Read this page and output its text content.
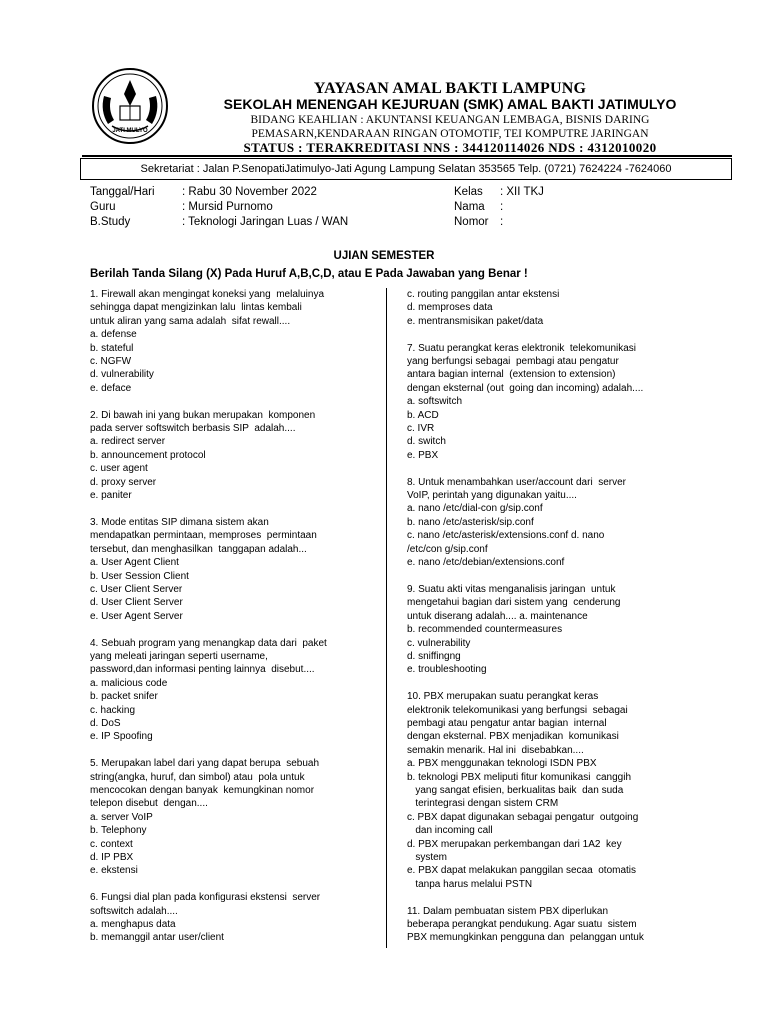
JATI MULYO
YAYASAN AMAL BAKTI LAMPUNG
SEKOLAH MENENGAH KEJURUAN (SMK) AMAL BAKTI JATIMULYO
BIDANG KEAHLIAN : AKUNTANSI KEUANGAN LEMBAGA, BISNIS DARING
PEMASARN,KENDARAAN RINGAN OTOMOTIF, TEI KOMPUTRE JARINGAN
STATUS : TERAKREDITASI NNS : 344120114026 NDS : 4312010020
Sekretariat : Jalan P.SenopatiJatimulyo-Jati Agung Lampung Selatan 353565 Telp. (0721) 7624224 -7624060
Tanggal/Hari : Rabu 30 November 2022
Guru	: Mursid Purnomo
B.Study	: Teknologi Jaringan Luas / WAN
Kelas : XII TKJ
Nama :
Nomor :
UJIAN SEMESTER
Berilah Tanda Silang (X) Pada Huruf A,B,C,D, atau E Pada Jawaban yang Benar !
1. Firewall akan mengingat koneksi yang  melaluinya
sehingga dapat mengizinkan lalu  lintas kembali
untuk aliran yang sama adalah  sifat rewall....
a. defense
b. stateful
c. NGFW
d. vulnerability
e. deface
2. Di bawah ini yang bukan merupakan  komponen
pada server softswitch berbasis SIP  adalah....
a. redirect server
b. announcement protocol
c. user agent
d. proxy server
e. paniter
3. Mode entitas SIP dimana sistem akan
mendapatkan permintaan, memproses  permintaan
tersebut, dan menghasilkan  tanggapan adalah...
a. User Agent Client
b. User Session Client
c. User Client Server
d. User Client Server
e. User Agent Server
4. Sebuah program yang menangkap data dari  paket
yang meleati jaringan seperti username,
password,dan informasi penting lainnya  disebut....
a. malicious code
b. packet snifer
c. hacking
d. DoS
e. IP Spoofing
5. Merupakan label dari yang dapat berupa  sebuah
string(angka, huruf, dan simbol) atau  pola untuk
mencocokan dengan banyak  kemungkinan nomor
telepon disebut  dengan....
a. server VoIP
b. Telephony
c. context
d. IP PBX
e. ekstensi
6. Fungsi dial plan pada konfigurasi ekstensi  server
softswitch adalah....
a. menghapus data
b. memanggil antar user/client
c. routing panggilan antar ekstensi
d. memproses data
e. mentransmisikan paket/data
7. Suatu perangkat keras elektronik  telekomunikasi
yang berfungsi sebagai  pembagi atau pengatur
antara bagian internal  (extension to extension)
dengan eksternal (out  going dan incoming) adalah....
a. softswitch
b. ACD
c. IVR
d. switch
e. PBX
8. Untuk menambahkan user/account dari  server
VoIP, perintah yang digunakan yaitu....
a. nano /etc/dial-con g/sip.conf
b. nano /etc/asterisk/sip.conf
c. nano /etc/asterisk/extensions.conf d. nano
/etc/con g/sip.conf
e. nano /etc/debian/extensions.conf
9. Suatu akti vitas menganalisis jaringan  untuk
mengetahui bagian dari sistem yang  cenderung
untuk diserang adalah.... a. maintenance
b. recommended countermeasures
c. vulnerability
d. sniffingng
e. troubleshooting
10. PBX merupakan suatu perangkat keras
elektronik telekomunikasi yang berfungsi  sebagai
pembagi atau pengatur antar bagian  internal
dengan eksternal. PBX menjadikan  komunikasi
semakin menarik. Hal ini  disebabkan....
a. PBX menggunakan teknologi ISDN PBX
b. teknologi PBX meliputi fitur komunikasi  canggih
yang sangat efisien, berkualitas baik  dan suda
terintegrasi dengan sistem CRM
c. PBX dapat digunakan sebagai pengatur  outgoing
dan incoming call
d. PBX merupakan perkembangan dari 1A2  key
system
e. PBX dapat melakukan panggilan secaa  otomatis
tanpa harus melalui PSTN
11. Dalam pembuatan sistem PBX diperlukan
beberapa perangkat pendukung. Agar suatu  sistem
PBX memungkinkan pengguna dan  pelanggan untuk
